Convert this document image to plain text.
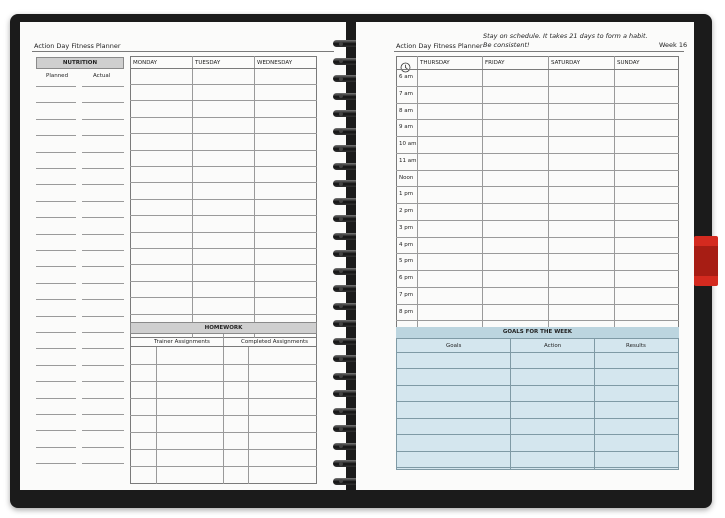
Action Day Fitness Planner
NUTRITION
Planned	Actual
MONDAY	TUESDAY	WEDNESDAY
HOMEWORK
Trainer Assignments	Completed Assignments
Action Day Fitness Planner
Stay on schedule. It takes 21 days to form a habit.
Be consistent!	Week 16
THURSDAY	FRIDAY	SATURDAY	SUNDAY
GOALS FOR THE WEEK
Goals	Action	Results
6 am
7 am
8 am
9 am
10 am
11 am
Noon
1 pm
2 pm
3 pm
4 pm
5 pm
6 pm
7 pm
8 pm
